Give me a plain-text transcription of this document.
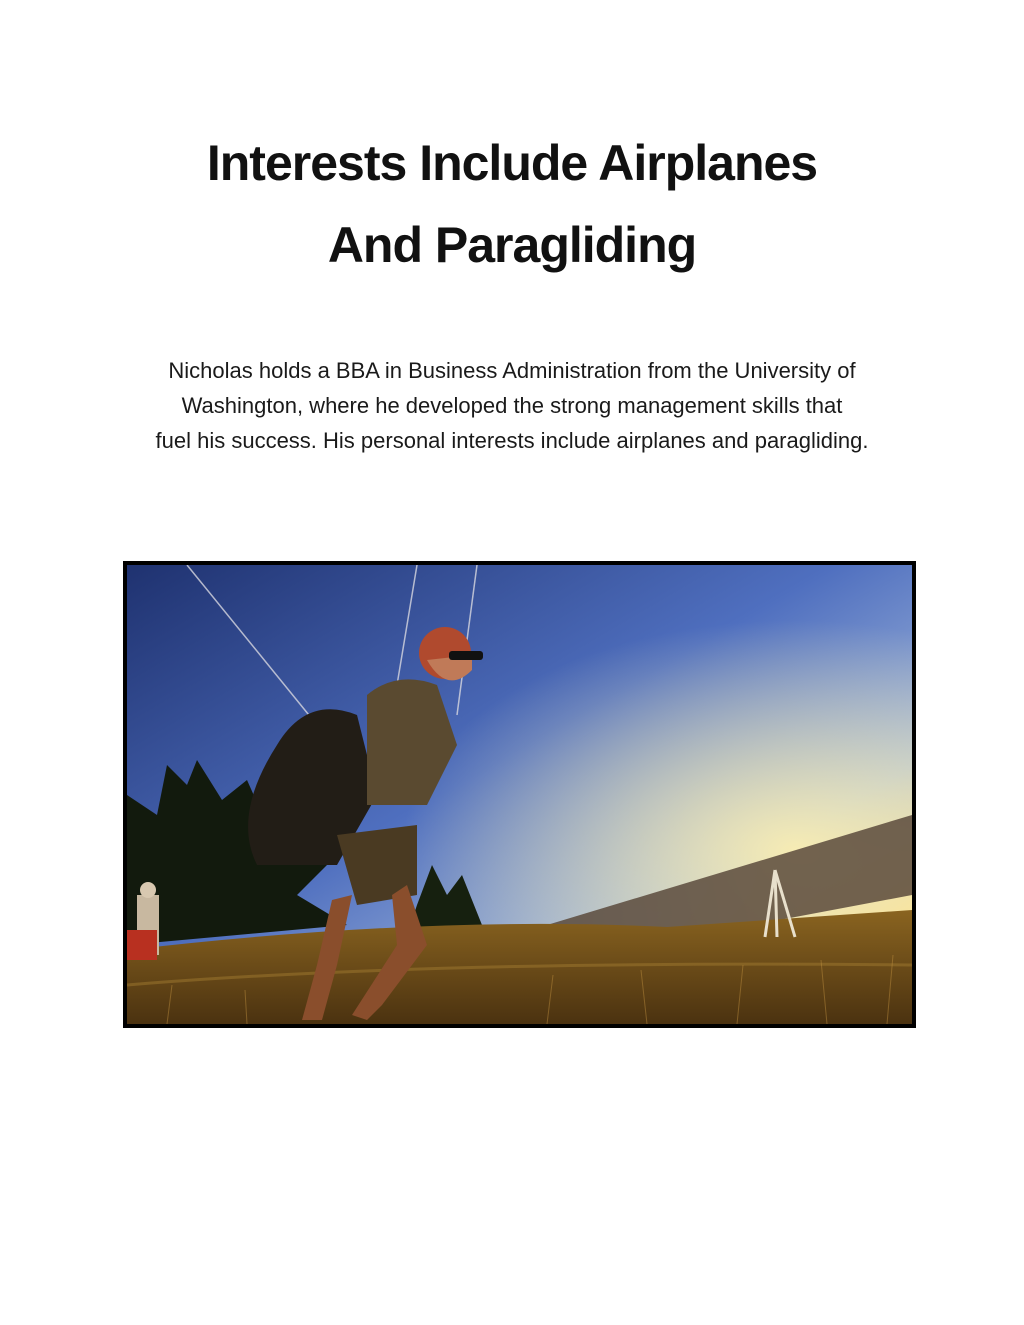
Interests Include Airplanes
And Paragliding

Nicholas holds a BBA in Business Administration from the University of
Washington, where he developed the strong management skills that
fuel his success. His personal interests include airplanes and paragliding.
